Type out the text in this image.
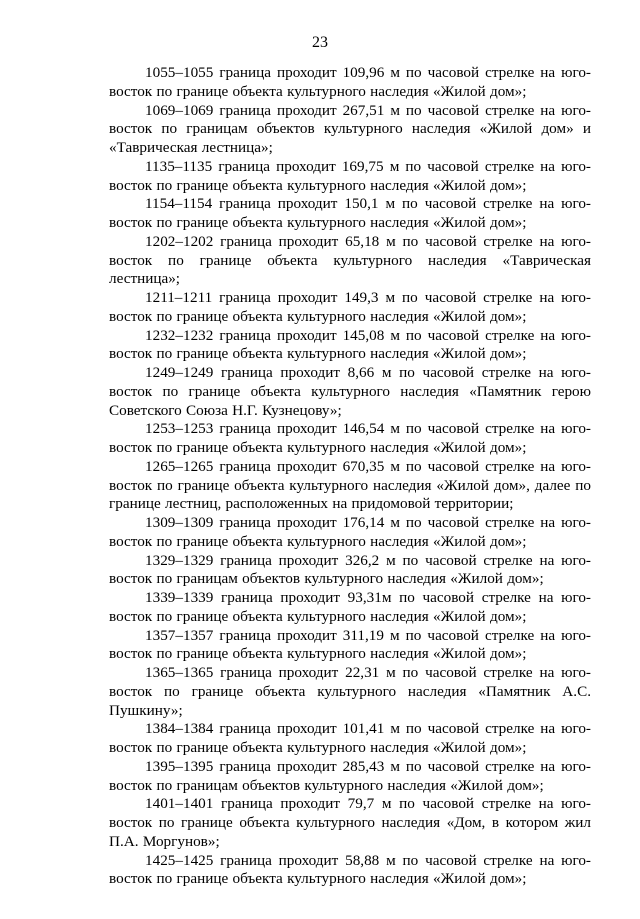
23

1055–1055 граница проходит 109,96 м по часовой стрелке на юго-восток по границе объекта культурного наследия «Жилой дом»;

1069–1069 граница проходит 267,51 м по часовой стрелке на юго-восток по границам объектов культурного наследия «Жилой дом» и «Таврическая лестница»;

1135–1135 граница проходит 169,75 м по часовой стрелке на юго-восток по границе объекта культурного наследия «Жилой дом»;

1154–1154 граница проходит 150,1 м по часовой стрелке на юго-восток по границе объекта культурного наследия «Жилой дом»;

1202–1202 граница проходит 65,18 м по часовой стрелке на юго-восток по границе объекта культурного наследия «Таврическая лестница»;

1211–1211 граница проходит 149,3 м по часовой стрелке на юго-восток по границе объекта культурного наследия «Жилой дом»;

1232–1232 граница проходит 145,08 м по часовой стрелке на юго-восток по границе объекта культурного наследия «Жилой дом»;

1249–1249 граница проходит 8,66 м по часовой стрелке на юго-восток по границе объекта культурного наследия «Памятник герою Советского Союза Н.Г. Кузнецову»;

1253–1253 граница проходит 146,54 м по часовой стрелке на юго-восток по границе объекта культурного наследия «Жилой дом»;

1265–1265 граница проходит 670,35 м по часовой стрелке на юго-восток по границе объекта культурного наследия «Жилой дом», далее по границе лестниц, расположенных на придомовой территории;

1309–1309 граница проходит 176,14 м по часовой стрелке на юго-восток по границе объекта культурного наследия «Жилой дом»;

1329–1329 граница проходит 326,2 м по часовой стрелке на юго-восток по границам объектов культурного наследия «Жилой дом»;

1339–1339 граница проходит 93,31м по часовой стрелке на юго-восток по границе объекта культурного наследия «Жилой дом»;

1357–1357 граница проходит 311,19 м по часовой стрелке на юго-восток по границе объекта культурного наследия «Жилой дом»;

1365–1365 граница проходит 22,31 м по часовой стрелке на юго-восток по границе объекта культурного наследия «Памятник А.С. Пушкину»;

1384–1384 граница проходит 101,41 м по часовой стрелке на юго-восток по границе объекта культурного наследия «Жилой дом»;

1395–1395 граница проходит 285,43 м по часовой стрелке на юго-восток по границам объектов культурного наследия «Жилой дом»;

1401–1401 граница проходит 79,7 м по часовой стрелке на юго-восток по границе объекта культурного наследия «Дом, в котором жил П.А. Моргунов»;

1425–1425 граница проходит 58,88 м по часовой стрелке на юго-восток по границе объекта культурного наследия «Жилой дом»;
